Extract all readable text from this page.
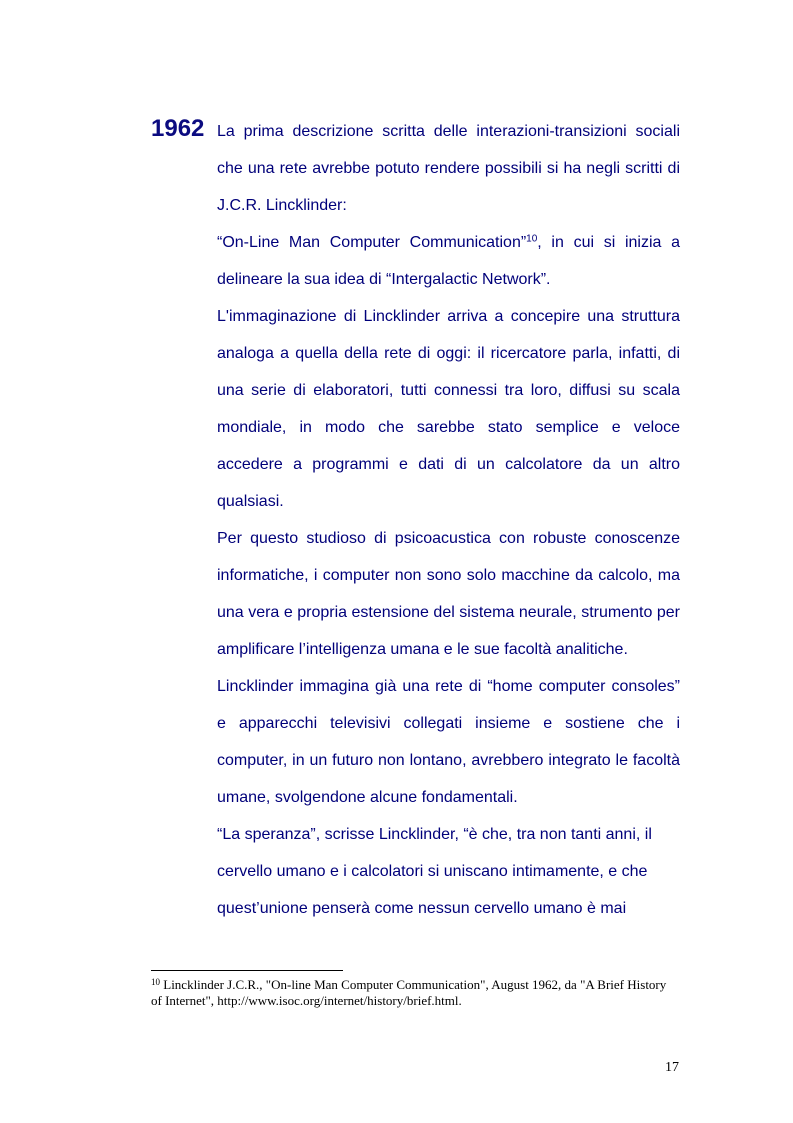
1962 La prima descrizione scritta delle interazioni-transizioni sociali che una rete avrebbe potuto rendere possibili si ha negli scritti di J.C.R. Lincklinder:

“On-Line Man Computer Communication”$^{10}$, in cui si inizia a delineare la sua idea di “Intergalactic Network”.

L'immaginazione di Lincklinder arriva a concepire una struttura analoga a quella della rete di oggi: il ricercatore parla, infatti, di una serie di elaboratori, tutti connessi tra loro, diffusi su scala mondiale, in modo che sarebbe stato semplice e veloce accedere a programmi e dati di un calcolatore da un altro qualsiasi.

Per questo studioso di psicoacustica con robuste conoscenze informatiche, i computer non sono solo macchine da calcolo, ma una vera e propria estensione del sistema neurale, strumento per amplificare l’intelligenza umana e le sue facoltà analitiche.

Lincklinder immagina già una rete di “home computer consoles” e apparecchi televisivi collegati insieme e sostiene che i computer, in un futuro non lontano, avrebbero integrato le facoltà umane, svolgendone alcune fondamentali.

“La speranza”, scrisse Lincklinder, “è che, tra non tanti anni, il cervello umano e i calcolatori si uniscano intimamente, e che quest’unione penserà come nessun cervello umano è mai

$^{10}$ Lincklinder J.C.R., "On-line Man Computer Communication", August 1962, da "A Brief History of Internet", http://www.isoc.org/internet/history/brief.html.
17
